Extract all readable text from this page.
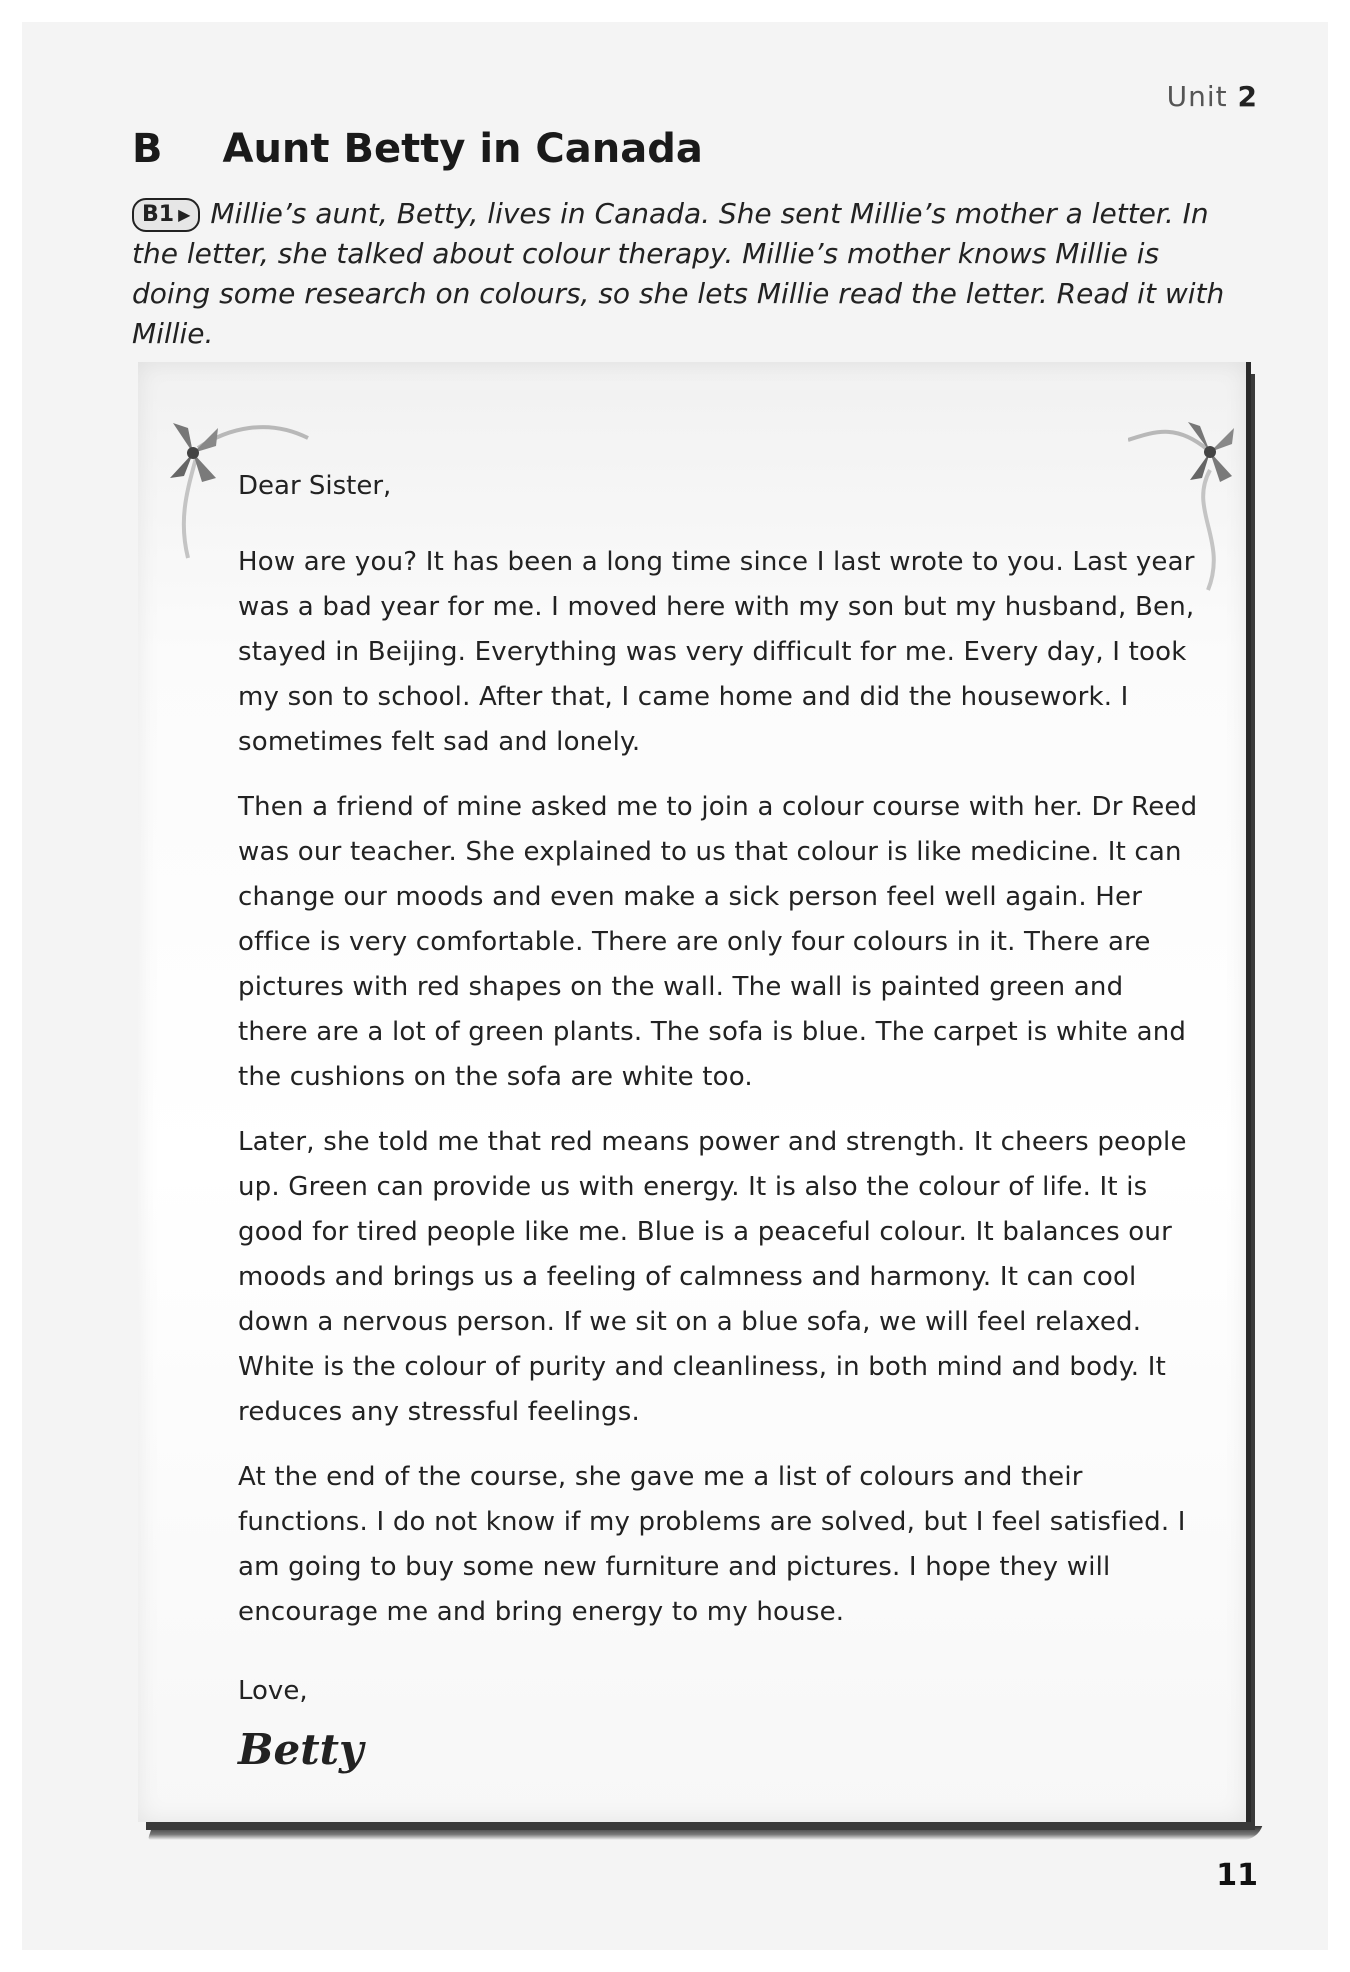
Unit 2
B Aunt Betty in Canada
B1 ▶ Millie’s aunt, Betty, lives in Canada. She sent Millie’s mother a letter. In the letter, she talked about colour therapy. Millie’s mother knows Millie is doing some research on colours, so she lets Millie read the letter. Read it with Millie.

Dear Sister,

How are you? It has been a long time since I last wrote to you. Last year was a bad year for me. I moved here with my son but my husband, Ben, stayed in Beijing. Everything was very difficult for me. Every day, I took my son to school. After that, I came home and did the housework. I sometimes felt sad and lonely.

Then a friend of mine asked me to join a colour course with her. Dr Reed was our teacher. She explained to us that colour is like medicine. It can change our moods and even make a sick person feel well again. Her office is very comfortable. There are only four colours in it. There are pictures with red shapes on the wall. The wall is painted green and there are a lot of green plants. The sofa is blue. The carpet is white and the cushions on the sofa are white too.

Later, she told me that red means power and strength. It cheers people up. Green can provide us with energy. It is also the colour of life. It is good for tired people like me. Blue is a peaceful colour. It balances our moods and brings us a feeling of calmness and harmony. It can cool down a nervous person. If we sit on a blue sofa, we will feel relaxed. White is the colour of purity and cleanliness, in both mind and body. It reduces any stressful feelings.

At the end of the course, she gave me a list of colours and their functions. I do not know if my problems are solved, but I feel satisfied. I am going to buy some new furniture and pictures. I hope they will encourage me and bring energy to my house.

Love,

Betty

11
